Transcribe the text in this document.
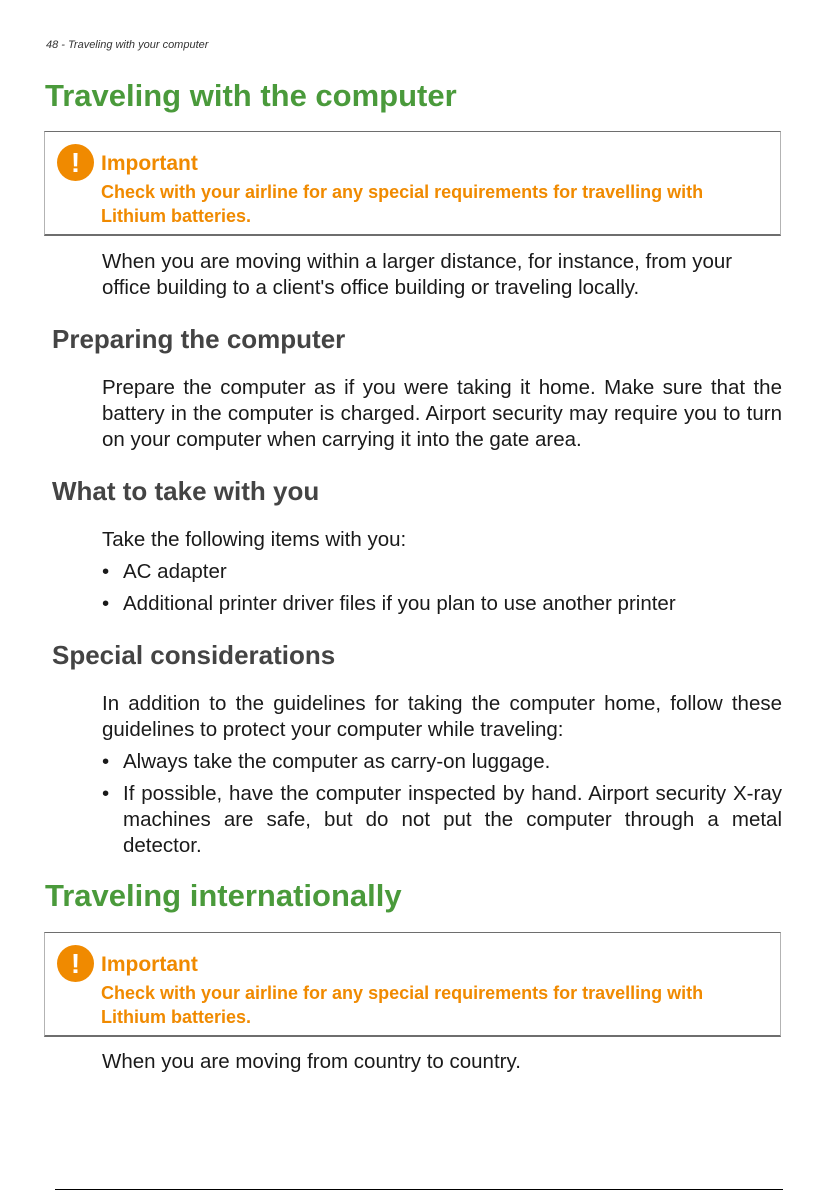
48 - Traveling with your computer
Traveling with the computer
! Important
Check with your airline for any special requirements for travelling with Lithium batteries.

When you are moving within a larger distance, for instance, from your office building to a client's office building or traveling locally.

Preparing the computer

Prepare the computer as if you were taking it home. Make sure that the battery in the computer is charged. Airport security may require you to turn on your computer when carrying it into the gate area.

What to take with you

Take the following items with you:

• AC adapter
• Additional printer driver files if you plan to use another printer
Special considerations

In addition to the guidelines for taking the computer home, follow these guidelines to protect your computer while traveling:

• Always take the computer as carry-on luggage.
• If possible, have the computer inspected by hand. Airport security X-ray machines are safe, but do not put the computer through a metal detector.
Traveling internationally
! Important
Check with your airline for any special requirements for travelling with Lithium batteries.

When you are moving from country to country.
